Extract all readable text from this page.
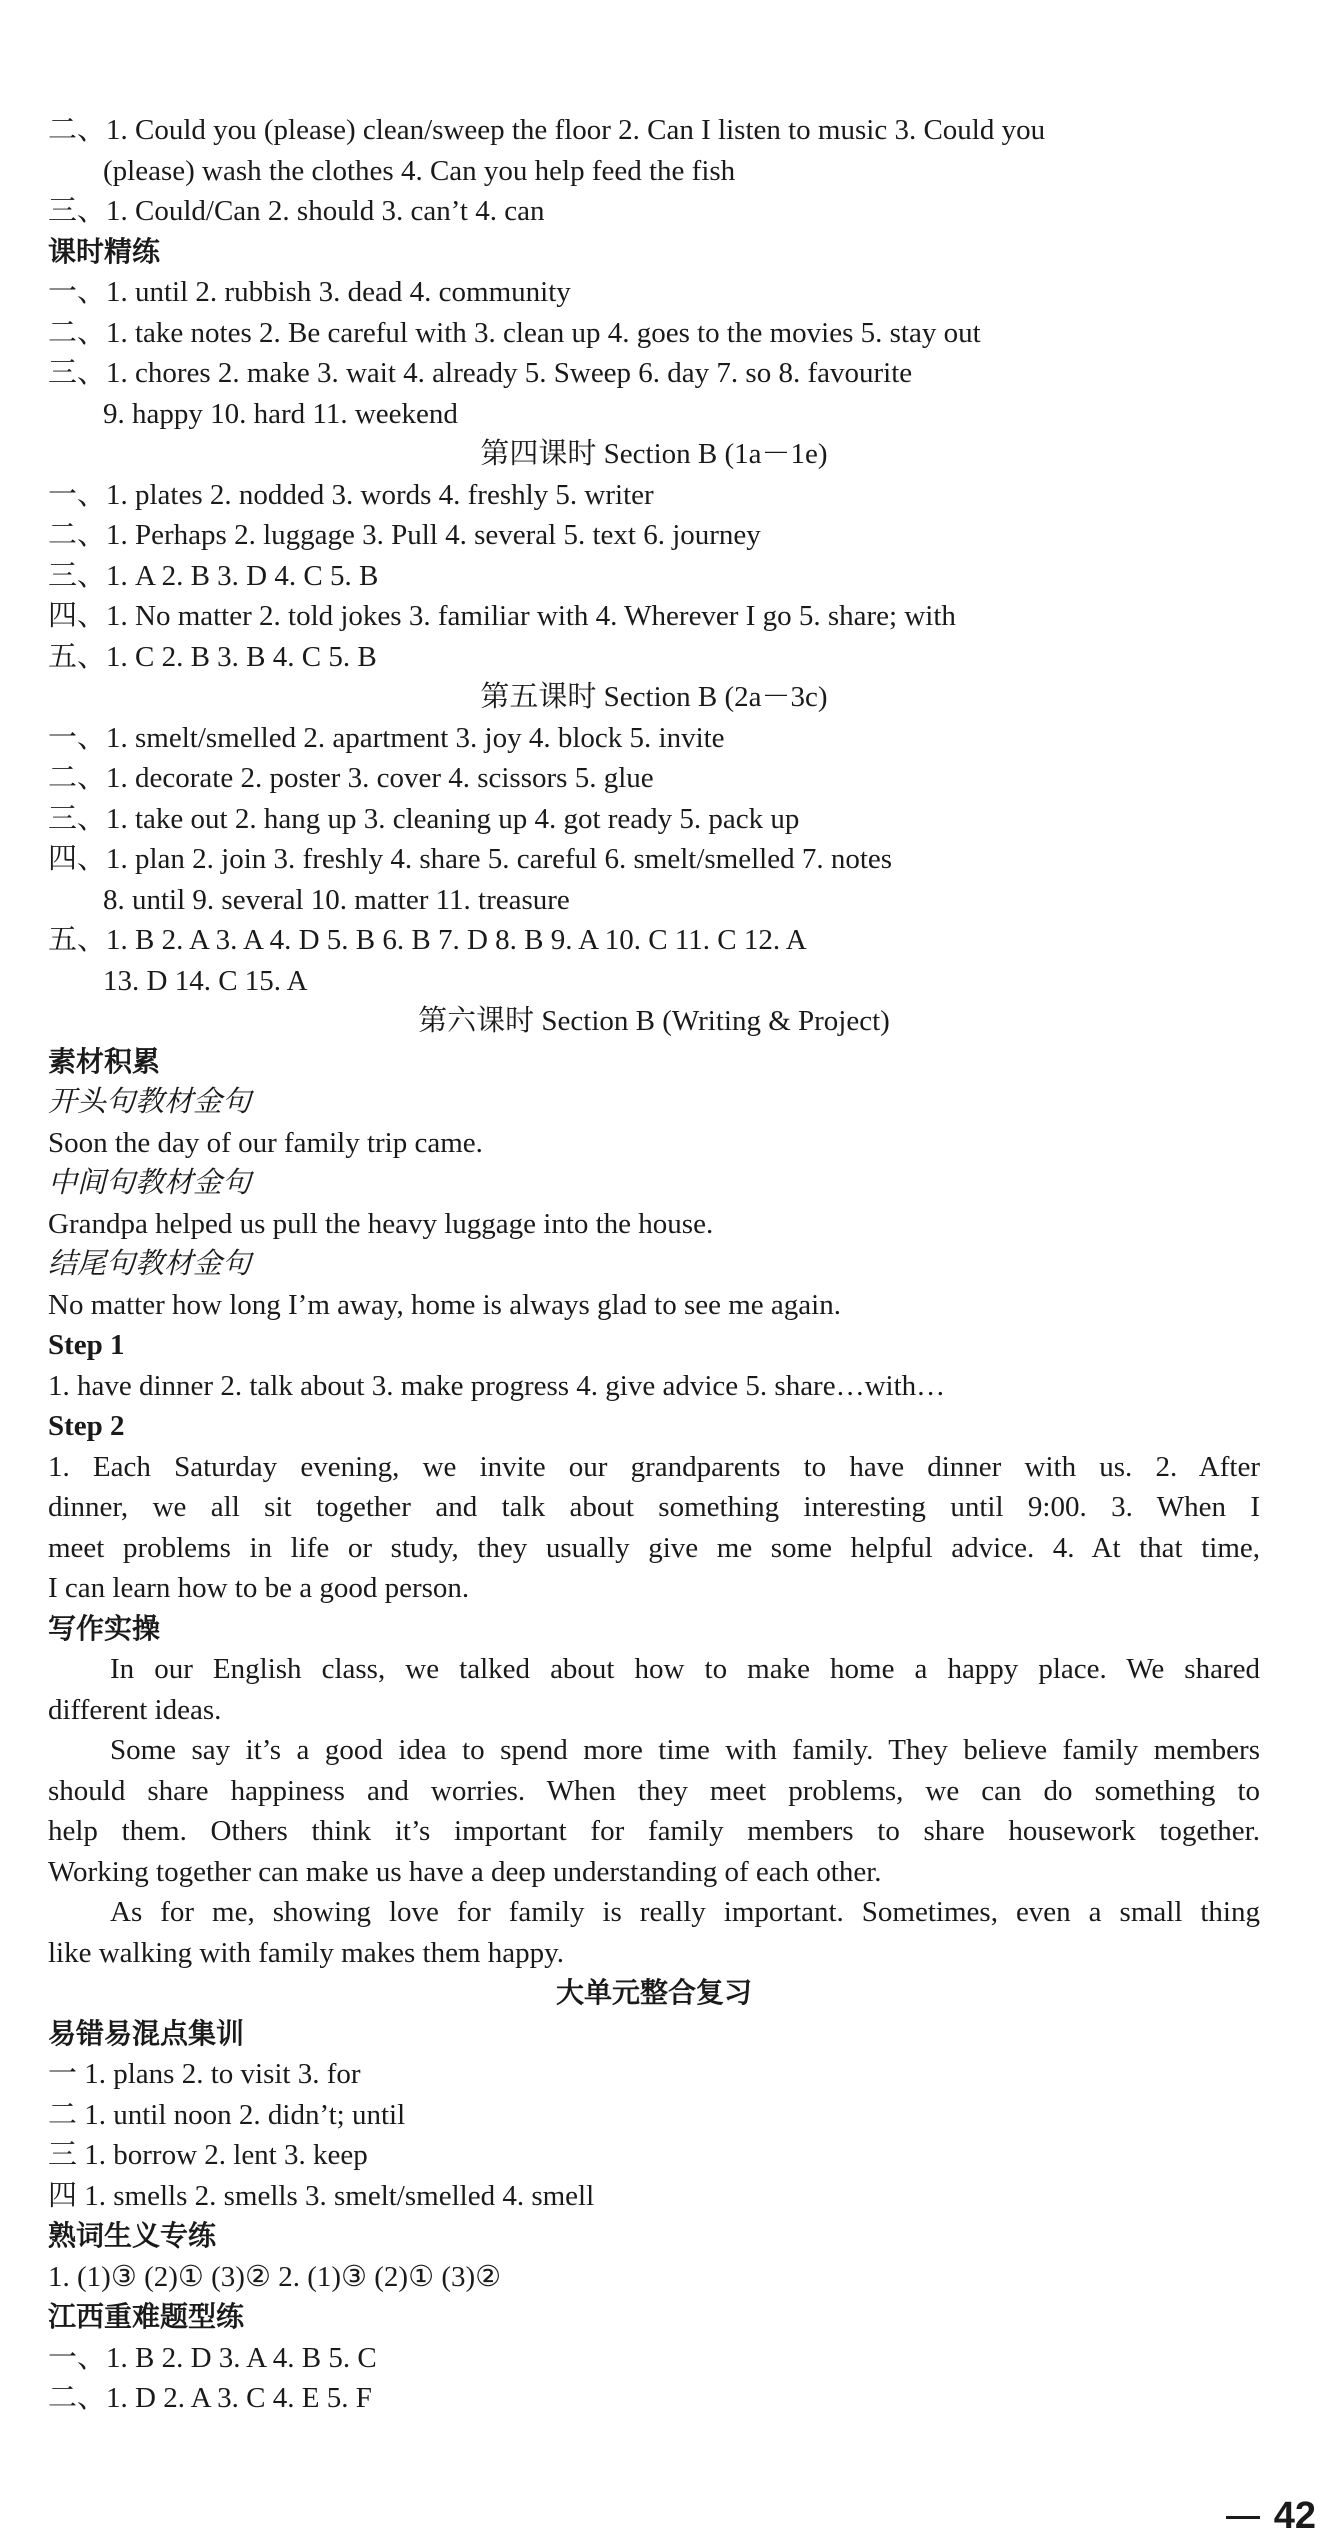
二、1. Could you (please) clean/sweep the floor 2. Can I listen to music 3. Could you
(please) wash the clothes 4. Can you help feed the fish
三、1. Could/Can 2. should 3. can’t 4. can
课时精练
一、1. until 2. rubbish 3. dead 4. community
二、1. take notes 2. Be careful with 3. clean up 4. goes to the movies 5. stay out
三、1. chores 2. make 3. wait 4. already 5. Sweep 6. day 7. so 8. favourite
9. happy 10. hard 11. weekend
第四课时 Section B (1a－1e)
一、1. plates 2. nodded 3. words 4. freshly 5. writer
二、1. Perhaps 2. luggage 3. Pull 4. several 5. text 6. journey
三、1. A 2. B 3. D 4. C 5. B
四、1. No matter 2. told jokes 3. familiar with 4. Wherever I go 5. share; with
五、1. C 2. B 3. B 4. C 5. B
第五课时 Section B (2a－3c)
一、1. smelt/smelled 2. apartment 3. joy 4. block 5. invite
二、1. decorate 2. poster 3. cover 4. scissors 5. glue
三、1. take out 2. hang up 3. cleaning up 4. got ready 5. pack up
四、1. plan 2. join 3. freshly 4. share 5. careful 6. smelt/smelled 7. notes
8. until 9. several 10. matter 11. treasure
五、1. B 2. A 3. A 4. D 5. B 6. B 7. D 8. B 9. A 10. C 11. C 12. A
13. D 14. C 15. A
第六课时 Section B (Writing & Project)
素材积累
开头句教材金句
Soon the day of our family trip came.
中间句教材金句
Grandpa helped us pull the heavy luggage into the house.
结尾句教材金句
No matter how long I’m away, home is always glad to see me again.
Step 1
1. have dinner 2. talk about 3. make progress 4. give advice 5. share…with…
Step 2
1. Each Saturday evening, we invite our grandparents to have dinner with us. 2. After
dinner, we all sit together and talk about something interesting until 9:00. 3. When I
meet problems in life or study, they usually give me some helpful advice. 4. At that time,
I can learn how to be a good person.
写作实操
In our English class, we talked about how to make home a happy place. We shared
different ideas.
Some say it’s a good idea to spend more time with family. They believe family members
should share happiness and worries. When they meet problems, we can do something to
help them. Others think it’s important for family members to share housework together.
Working together can make us have a deep understanding of each other.
As for me, showing love for family is really important. Sometimes, even a small thing
like walking with family makes them happy.
大单元整合复习
易错易混点集训
一 1. plans 2. to visit 3. for
二 1. until noon 2. didn’t; until
三 1. borrow 2. lent 3. keep
四 1. smells 2. smells 3. smelt/smelled 4. smell
熟词生义专练
1. (1)③ (2)① (3)② 2. (1)③ (2)① (3)②
江西重难题型练
一、1. B 2. D 3. A 4. B 5. C
二、1. D 2. A 3. C 4. E 5. F
42
